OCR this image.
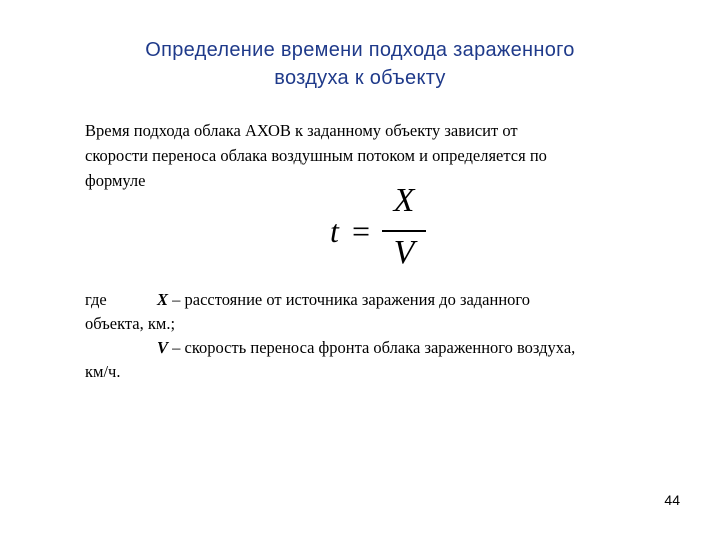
Определение времени подхода зараженного
воздуха к объекту
Время подхода облака АХОВ к заданному объекту зависит от
скорости переноса облака воздушным потоком и определяется по
формуле
t =
X
V
где	X – расстояние от источника заражения до заданного
объекта, км.;
V – скорость переноса фронта облака зараженного воздуха,
км/ч.
44
